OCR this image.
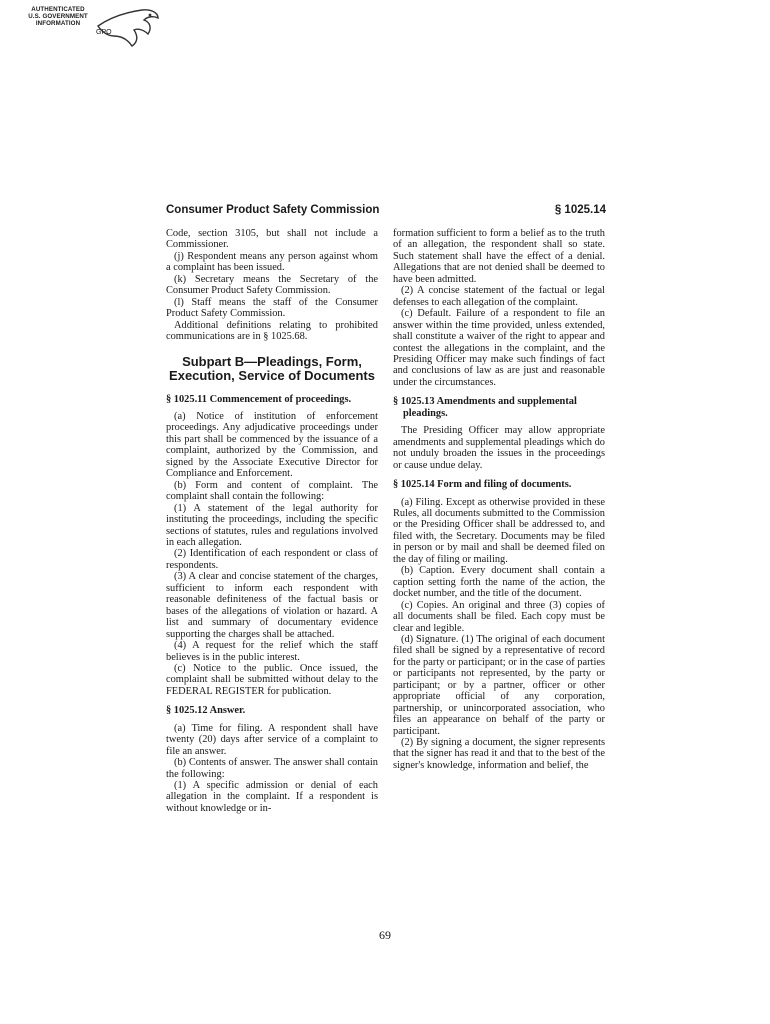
AUTHENTICATED
U.S. GOVERNMENT
INFORMATION
GPO
Consumer Product Safety Commission	§ 1025.14

Code, section 3105, but shall not include a Commissioner.

(j) Respondent means any person against whom a complaint has been issued.

(k) Secretary means the Secretary of the Consumer Product Safety Commission.

(l) Staff means the staff of the Consumer Product Safety Commission.

Additional definitions relating to prohibited communications are in § 1025.68.

Subpart B—Pleadings, Form,
Execution, Service of Documents

§ 1025.11 Commencement of proceedings.

(a) Notice of institution of enforcement proceedings. Any adjudicative proceedings under this part shall be commenced by the issuance of a complaint, authorized by the Commission, and signed by the Associate Executive Director for Compliance and Enforcement.

(b) Form and content of complaint. The complaint shall contain the following:

(1) A statement of the legal authority for instituting the proceedings, including the specific sections of statutes, rules and regulations involved in each allegation.

(2) Identification of each respondent or class of respondents.

(3) A clear and concise statement of the charges, sufficient to inform each respondent with reasonable definiteness of the factual basis or bases of the allegations of violation or hazard. A list and summary of documentary evidence supporting the charges shall be attached.

(4) A request for the relief which the staff believes is in the public interest.

(c) Notice to the public. Once issued, the complaint shall be submitted without delay to the FEDERAL REGISTER for publication.

§ 1025.12 Answer.

(a) Time for filing. A respondent shall have twenty (20) days after service of a complaint to file an answer.

(b) Contents of answer. The answer shall contain the following:

(1) A specific admission or denial of each allegation in the complaint. If a respondent is without knowledge or in-

formation sufficient to form a belief as to the truth of an allegation, the respondent shall so state. Such statement shall have the effect of a denial. Allegations that are not denied shall be deemed to have been admitted.

(2) A concise statement of the factual or legal defenses to each allegation of the complaint.

(c) Default. Failure of a respondent to file an answer within the time provided, unless extended, shall constitute a waiver of the right to appear and contest the allegations in the complaint, and the Presiding Officer may make such findings of fact and conclusions of law as are just and reasonable under the circumstances.

§ 1025.13 Amendments and supplemental pleadings.

The Presiding Officer may allow appropriate amendments and supplemental pleadings which do not unduly broaden the issues in the proceedings or cause undue delay.

§ 1025.14 Form and filing of documents.

(a) Filing. Except as otherwise provided in these Rules, all documents submitted to the Commission or the Presiding Officer shall be addressed to, and filed with, the Secretary. Documents may be filed in person or by mail and shall be deemed filed on the day of filing or mailing.

(b) Caption. Every document shall contain a caption setting forth the name of the action, the docket number, and the title of the document.

(c) Copies. An original and three (3) copies of all documents shall be filed. Each copy must be clear and legible.

(d) Signature. (1) The original of each document filed shall be signed by a representative of record for the party or participant; or in the case of parties or participants not represented, by the party or participant; or by a partner, officer or other appropriate official of any corporation, partnership, or unincorporated association, who files an appearance on behalf of the party or participant.

(2) By signing a document, the signer represents that the signer has read it and that to the best of the signer's knowledge, information and belief, the

69
